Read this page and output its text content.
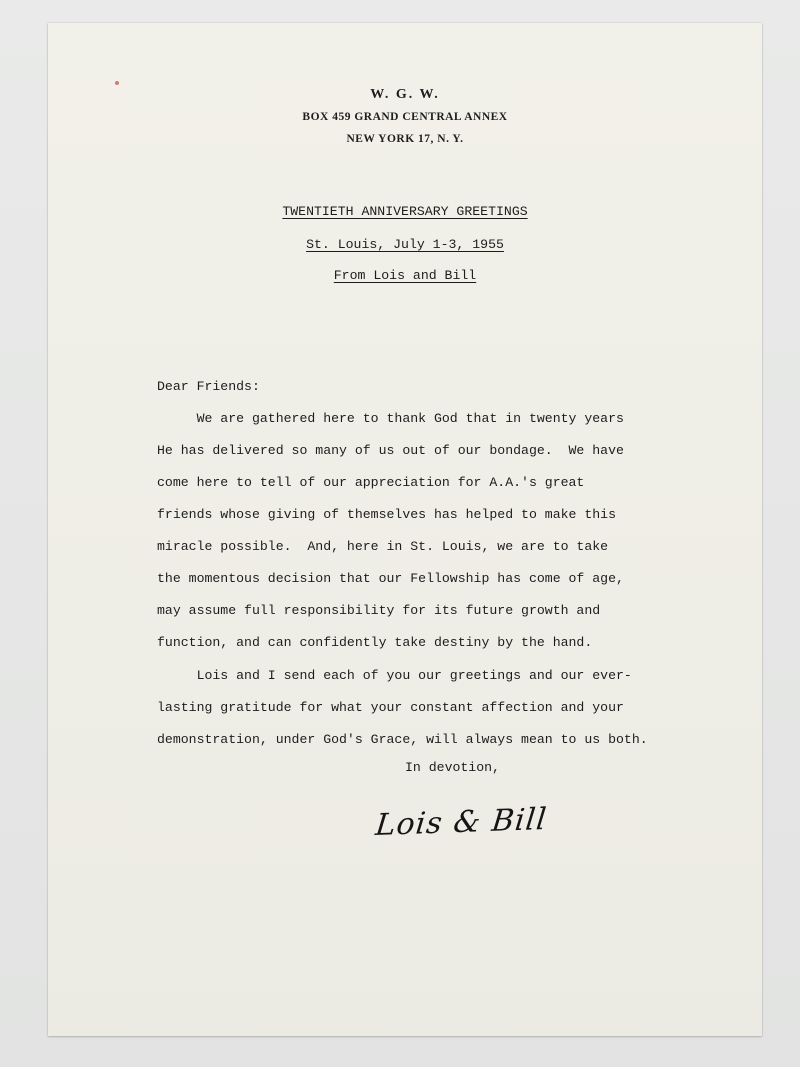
W. G. W.
BOX 459 GRAND CENTRAL ANNEX
NEW YORK 17, N. Y.
TWENTIETH ANNIVERSARY GREETINGS
St. Louis, July 1-3, 1955
From Lois and Bill
Dear Friends:
We are gathered here to thank God that in twenty years
He has delivered so many of us out of our bondage.  We have
come here to tell of our appreciation for A.A.'s great
friends whose giving of themselves has helped to make this
miracle possible.  And, here in St. Louis, we are to take
the momentous decision that our Fellowship has come of age,
may assume full responsibility for its future growth and
function, and can confidently take destiny by the hand.
Lois and I send each of you our greetings and our ever-
lasting gratitude for what your constant affection and your
demonstration, under God's Grace, will always mean to us both.
In devotion,
Lois & Bill
